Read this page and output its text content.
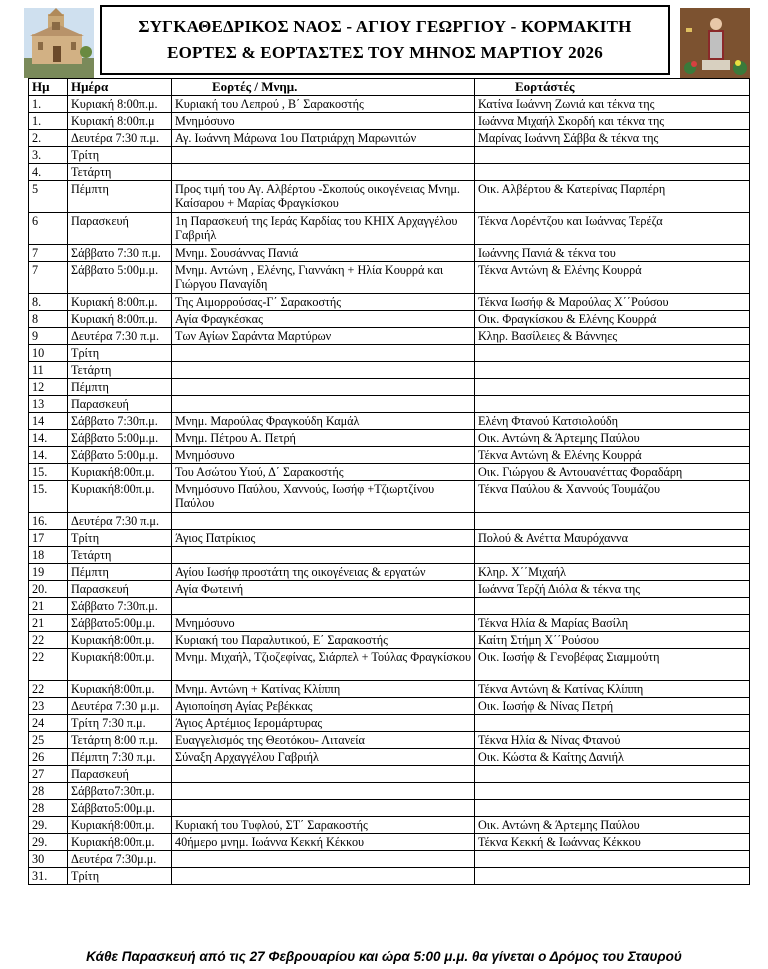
ΣΥΓΚΑΘΕΔΡΙΚΟΣ ΝΑΟΣ - ΑΓΙΟΥ ΓΕΩΡΓΙΟΥ - ΚΟΡΜΑΚΙΤΗ
ΕΟΡΤΕΣ & ΕΟΡΤΑΣΤΕΣ ΤΟΥ ΜΗΝΟΣ ΜΑΡΤΙΟΥ 2026
Ημ	Ημέρα	Εορτές / Μνημ.	Εορτάστές
1.	Κυριακή 8:00π.μ.	Κυριακή του Λεπρού , Β΄ Σαρακοστής	Κατίνα Ιωάννη Ζωνιά και τέκνα της
1.	Κυριακή 8:00π.μ	Μνημόσυνο	Ιωάννα Μιχαήλ Σκορδή και τέκνα της
2.	Δευτέρα 7:30 π.μ.	Αγ. Ιωάννη Μάρωνα 1ου Πατριάρχη Μαρωνιτών	Μαρίνας Ιωάννη Σάββα & τέκνα της
3.	Τρίτη		
4.	Τετάρτη		
5	Πέμπτη	Προς τιμή του Αγ. Αλβέρτου -Σκοπούς οικογένειας Μνημ. Καίσαρου + Μαρίας Φραγκίσκου	Οικ. Αλβέρτου & Κατερίνας Παρπέρη
6	Παρασκευή	1η Παρασκευή της Ιεράς Καρδίας του ΚΗΙΧ Αρχαγγέλου Γαβριήλ	Τέκνα Λορέντζου και Ιωάννας Τερέζα
7	Σάββατο 7:30 π.μ.	Μνημ. Σουσάννας Πανιά	Ιωάννης Πανιά & τέκνα του
7	Σάββατο 5:00μ.μ.	Μνημ. Αντώνη , Ελένης, Γιαννάκη + Ηλία Κουρρά και Γιώργου Παναγίδη	Τέκνα Αντώνη & Ελένης Κουρρά
8.	Κυριακή 8:00π.μ.	Της Αιμορρούσας-Γ΄ Σαρακοστής	Τέκνα Ιωσήφ & Μαρούλας Χ΄΄Ρούσου
8	Κυριακή 8:00π.μ.	Αγία Φραγκέσκας	Οικ. Φραγκίσκου & Ελένης Κουρρά
9	Δευτέρα 7:30 π.μ.	Των Αγίων Σαράντα Μαρτύρων	Κληρ. Βασίλειες & Βάννηες
10	Τρίτη		
11	Τετάρτη		
12	Πέμπτη		
13	Παρασκευή		
14	Σάββατο 7:30π.μ.	Μνημ. Μαρούλας Φραγκούδη Καμάλ	Ελένη Φτανού Κατσιολούδη
14.	Σάββατο 5:00μ.μ.	Μνημ. Πέτρου Α. Πετρή	Οικ. Αντώνη & Άρτεμης Παύλου
14.	Σάββατο 5:00μ.μ.	Μνημόσυνο	Τέκνα Αντώνη & Ελένης Κουρρά
15.	Κυριακή8:00π.μ.	Του Ασώτου Υιού, Δ΄ Σαρακοστής	Οικ. Γιώργου & Αντουανέττας Φοραδάρη
15.	Κυριακή8:00π.μ.	Μνημόσυνο Παύλου, Χαννούς, Ιωσήφ +Τζιωρτζίνου Παύλου	Τέκνα Παύλου & Χαννούς Τουμάζου
16.	Δευτέρα 7:30 π.μ.		
17	Τρίτη	Άγιος Πατρίκιος	Πολού & Ανέττα Μαυρόχαννα
18	Τετάρτη		
19	Πέμπτη	Αγίου Ιωσήφ προστάτη της οικογένειας & εργατών	Κληρ. Χ΄΄Μιχαήλ
20.	Παρασκευή	Αγία Φωτεινή	Ιωάννα Τερζή Διόλα & τέκνα της
21	Σάββατο 7:30π.μ.		
21	Σάββατο5:00μ.μ.	Μνημόσυνο	Τέκνα Ηλία & Μαρίας Βασίλη
22	Κυριακή8:00π.μ.	Κυριακή του Παραλυτικού, Ε΄ Σαρακοστής	Καίτη Στήμη Χ΄΄Ρούσου
22	Κυριακή8:00π.μ.	Μνημ. Μιχαήλ, Τζιοζεφίνας, Σιάρπελ + Τούλας Φραγκίσκου	Οικ. Ιωσήφ & Γενοβέφας Σιαμμούτη
22	Κυριακή8:00π.μ.	Μνημ. Αντώνη + Κατίνας Κλίππη	Τέκνα Αντώνη & Κατίνας Κλίππη
23	Δευτέρα 7:30 μ.μ.	Αγιοποίηση Αγίας Ρεβέκκας	Οικ. Ιωσήφ & Νίνας Πετρή
24	Τρίτη 7:30 π.μ.	Άγιος Αρτέμιος Ιερομάρτυρας	
25	Τετάρτη 8:00 π.μ.	Ευαγγελισμός της Θεοτόκου- Λιτανεία	Τέκνα Ηλία & Νίνας Φτανού
26	Πέμπτη 7:30 π.μ.	Σύναξη Αρχαγγέλου Γαβριήλ	Οικ. Κώστα & Καίτης Δανιήλ
27	Παρασκευή		
28	Σάββατο7:30π.μ.		
28	Σάββατο5:00μ.μ.		
29.	Κυριακή8:00π.μ.	Κυριακή του Τυφλού, ΣΤ΄ Σαρακοστής	Οικ. Αντώνη & Άρτεμης Παύλου
29.	Κυριακή8:00π.μ.	40ήμερο μνημ. Ιωάννα Κεκκή Κέκκου	Τέκνα Κεκκή & Ιωάννας Κέκκου
30	Δευτέρα 7:30μ.μ.		
31.	Τρίτη		
Κάθε Παρασκευή από τις 27 Φεβρουαρίου και ώρα 5:00 μ.μ. θα γίνεται ο Δρόμος του Σταυρού
